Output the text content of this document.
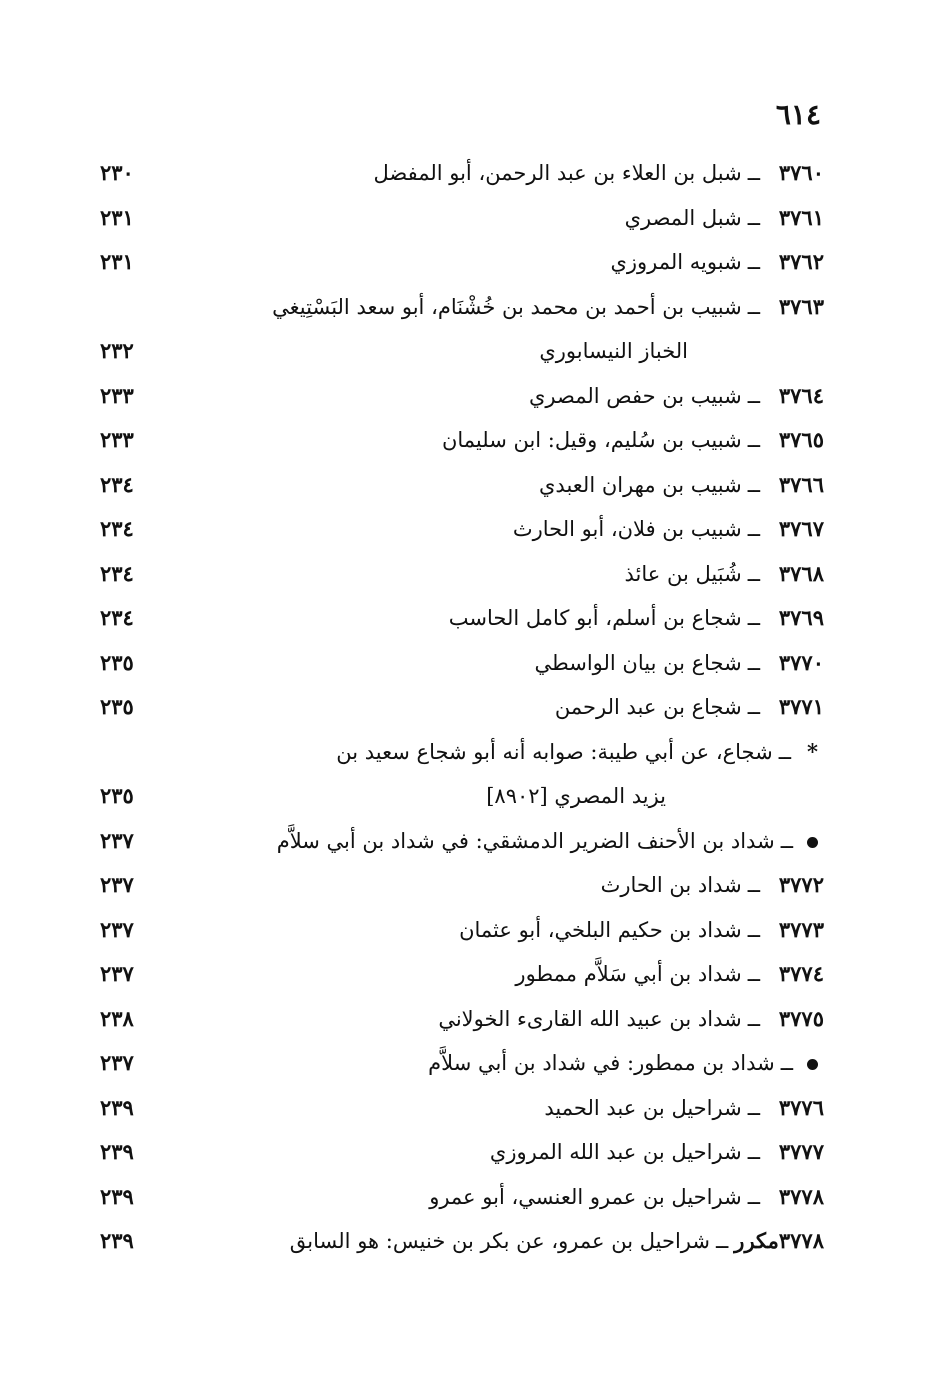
٦١٤
٣٧٦٠ــشبل بن العلاء بن عبد الرحمن، أبو المفضل
٢٣٠
٣٧٦١ــشبل المصري
٢٣١
٣٧٦٢ــشبويه المروزي
٢٣١
٣٧٦٣ــشبيب بن أحمد بن محمد بن خُشْنَام، أبو سعد البَسْتِيغي
الخباز النيسابوري
٢٣٢
٣٧٦٤ــشبيب بن حفص المصري
٢٣٣
٣٧٦٥ــشبيب بن سُليم، وقيل: ابن سليمان
٢٣٣
٣٧٦٦ــشبيب بن مهران العبدي
٢٣٤
٣٧٦٧ــشبيب بن فلان، أبو الحارث
٢٣٤
٣٧٦٨ــشُبَيل بن عائذ
٢٣٤
٣٧٦٩ــشجاع بن أسلم، أبو كامل الحاسب
٢٣٤
٣٧٧٠ــشجاع بن بيان الواسطي
٢٣٥
٣٧٧١ــشجاع بن عبد الرحمن
٢٣٥
*ــشجاع، عن أبي طيبة: صوابه أنه أبو شجاع سعيد بن
يزيد المصري [٨٩٠٢]
٢٣٥
ــشداد بن الأحنف الضرير الدمشقي: في شداد بن أبي سلاَّم
٢٣٧
٣٧٧٢ــشداد بن الحارث
٢٣٧
٣٧٧٣ــشداد بن حكيم البلخي، أبو عثمان
٢٣٧
٣٧٧٤ــشداد بن أبي سَلاَّم ممطور
٢٣٧
٣٧٧٥ــشداد بن عبيد الله القارىء الخولاني
٢٣٨
ــشداد بن ممطور: في شداد بن أبي سلاَّم
٢٣٧
٣٧٧٦ــشراحيل بن عبد الحميد
٢٣٩
٣٧٧٧ــشراحيل بن عبد الله المروزي
٢٣٩
٣٧٧٨ــشراحيل بن عمرو العنسي، أبو عمرو
٢٣٩
٣٧٧٨مكررــشراحيل بن عمرو، عن بكر بن خنيس: هو السابق
٢٣٩
